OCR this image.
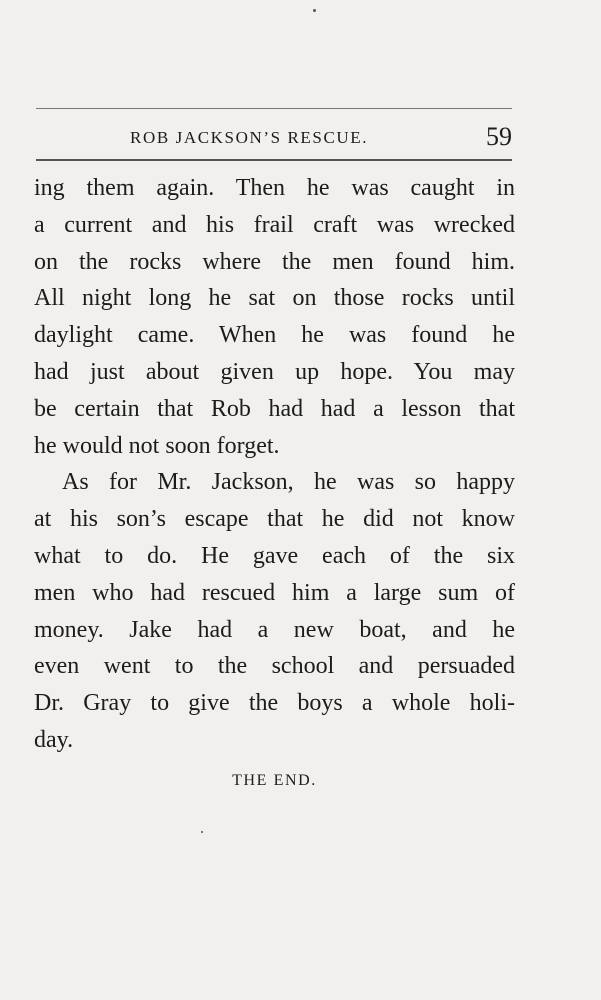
ROB JACKSON’S RESCUE.	59
ing them again. Then he was caught in
a current and his frail craft was wrecked
on the rocks where the men found him.
All night long he sat on those rocks until
daylight came. When he was found he
had just about given up hope. You may
be certain that Rob had had a lesson that
he would not soon forget.
As for Mr. Jackson, he was so happy
at his son’s escape that he did not know
what to do. He gave each of the six
men who had rescued him a large sum of
money. Jake had a new boat, and he
even went to the school and persuaded
Dr. Gray to give the boys a whole holi-
day.
THE END.
